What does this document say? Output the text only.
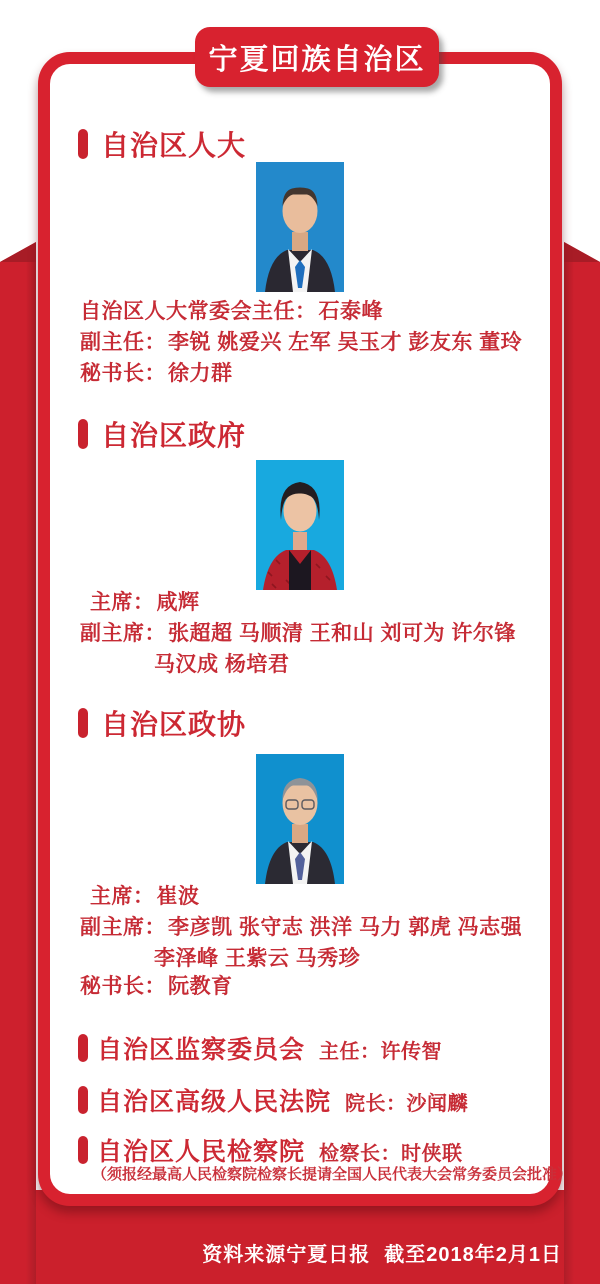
宁夏回族自治区
自治区人大
自治区人大常委会主任：石泰峰
副主任：李锐 姚爱兴 左军 吴玉才 彭友东 董玲
秘书长：徐力群
自治区政府
主席：咸辉
副主席：张超超 马顺清 王和山 刘可为 许尔锋
马汉成 杨培君
自治区政协
主席：崔波
副主席：李彦凯 张守志 洪洋 马力 郭虎 冯志强
李泽峰 王紫云 马秀珍
秘书长：阮教育
自治区监察委员会 主任：许传智
自治区高级人民法院 院长：沙闻麟
自治区人民检察院 检察长：时侠联
（须报经最高人民检察院检察长提请全国人民代表大会常务委员会批准）
资料来源宁夏日报 截至2018年2月1日
